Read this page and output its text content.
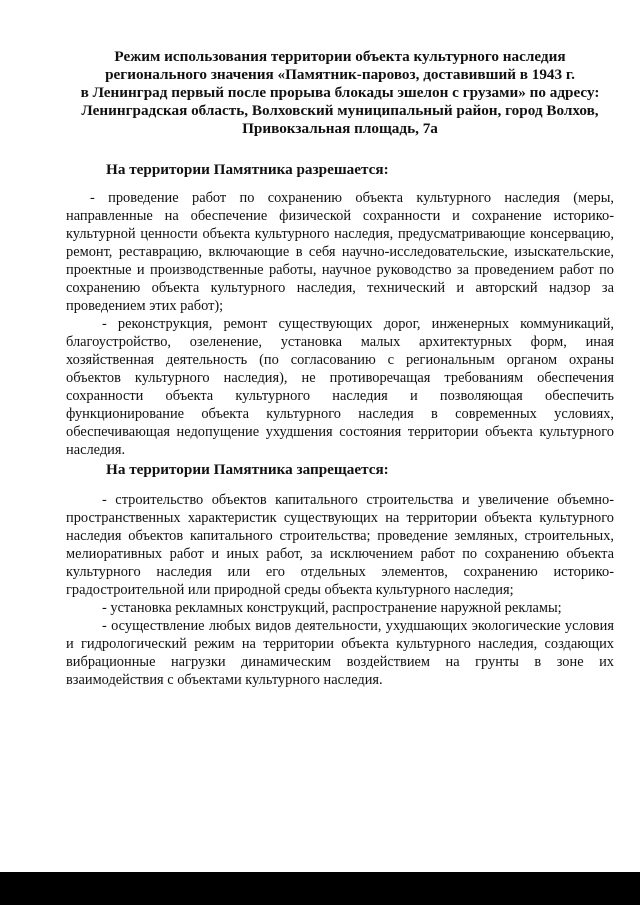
Режим использования территории объекта культурного наследия
регионального значения «Памятник-паровоз, доставивший в 1943 г.
в Ленинград первый после прорыва блокады эшелон с грузами» по адресу:
Ленинградская область, Волховский муниципальный район, город Волхов,
Привокзальная площадь, 7а
На территории Памятника разрешается:

- проведение работ по сохранению объекта культурного наследия (меры, направленные на обеспечение физической сохранности и сохранение историко-культурной ценности объекта культурного наследия, предусматривающие консервацию, ремонт, реставрацию, включающие в себя научно-исследовательские, изыскательские, проектные и производственные работы, научное руководство за проведением работ по сохранению объекта культурного наследия, технический и авторский надзор за проведением этих работ);

- реконструкция, ремонт существующих дорог, инженерных коммуникаций, благоустройство, озеленение, установка малых архитектурных форм, иная хозяйственная деятельность (по согласованию с региональным органом охраны объектов культурного наследия), не противоречащая требованиям обеспечения сохранности объекта культурного наследия и позволяющая обеспечить функционирование объекта культурного наследия в современных условиях, обеспечивающая недопущение ухудшения состояния территории объекта культурного наследия.

На территории Памятника запрещается:

- строительство объектов капитального строительства и увеличение объемно-пространственных характеристик существующих на территории объекта культурного наследия объектов капитального строительства; проведение земляных, строительных, мелиоративных работ и иных работ, за исключением работ по сохранению объекта культурного наследия или его отдельных элементов, сохранению историко-градостроительной или природной среды объекта культурного наследия;

- установка рекламных конструкций, распространение наружной рекламы;

- осуществление любых видов деятельности, ухудшающих экологические условия и гидрологический режим на территории объекта культурного наследия, создающих вибрационные нагрузки динамическим воздействием на грунты в зоне их взаимодействия с объектами культурного наследия.
